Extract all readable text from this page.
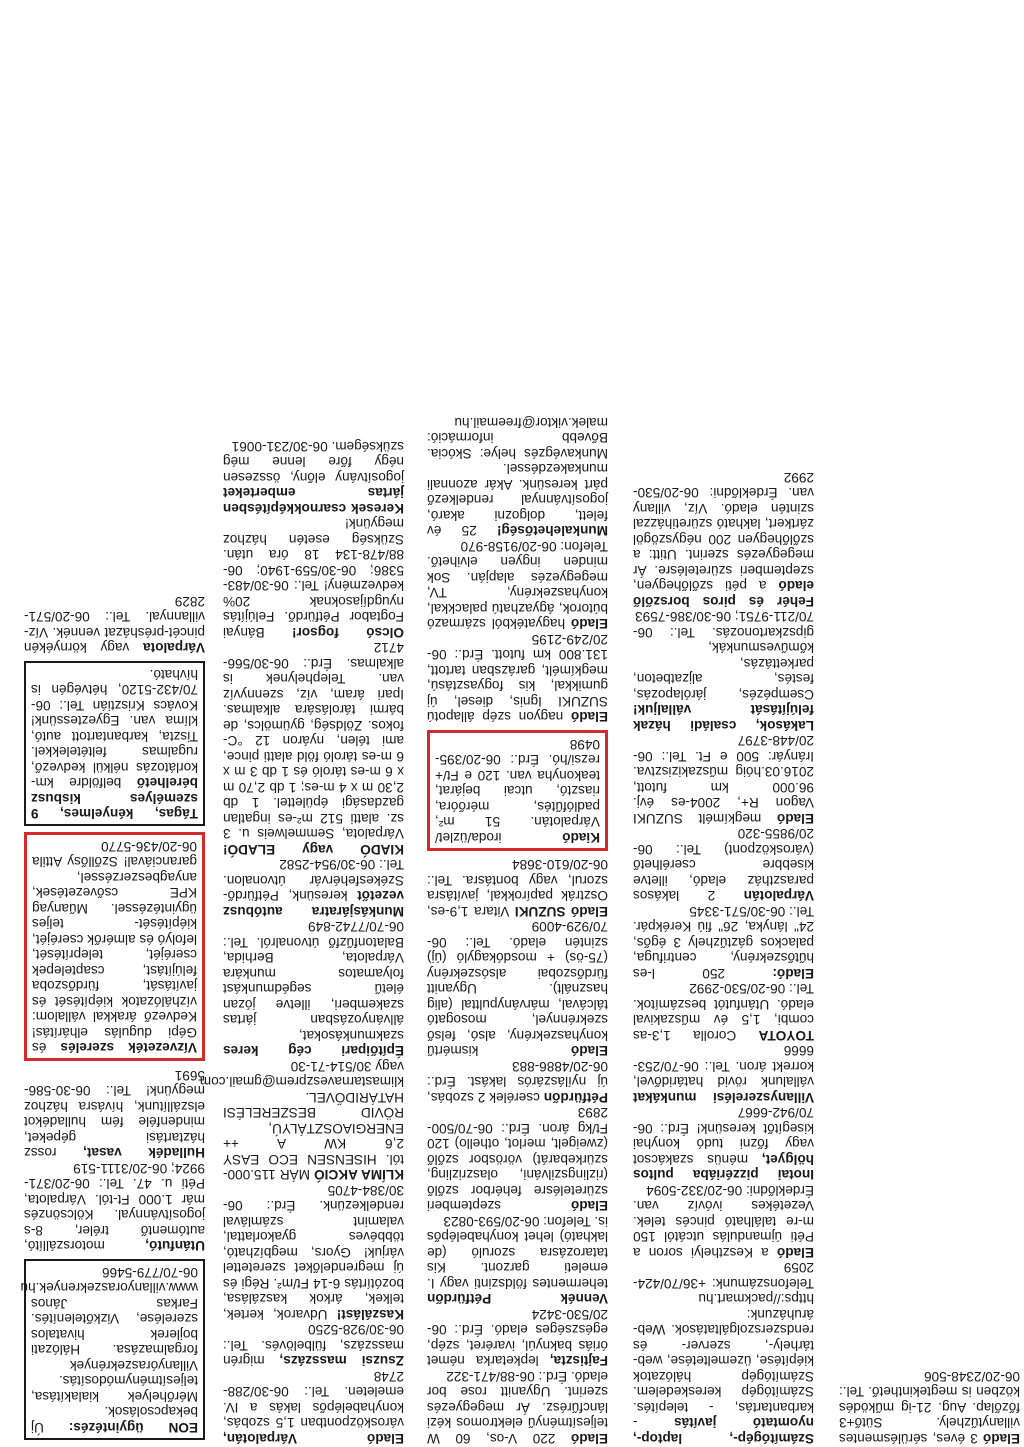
Eladó 3 éves, sérülésmentes villanytűzhely. Sütő+3 főzőlap. Aug. 21-ig működés közben is megtekinthető. Tel.: 06-20/2348-506

Számítógép-, laptop-, nyomtató javítás - karbantartás, - telepítés. Számítógép kereskedelem. Számítógép hálózatok kiépítése, üzemeltetése, web-tárhely-, szerver- és rendszerszolgáltatások. Web-áruházunk: https://packmart.hu Telefonszámunk: +36/70/424-2059

Eladó a Keszthelyi soron a Péti újmandulás utcától 150 m-re található pincés telek. Vezetékes ivóvíz van. Érdeklődni: 06-20/332-5094

Inotai pizzériába pultos hölgyet, ménüs szakácsot vagy főzni tudó konyhai kisegítőt keresünk! Érd.: 06-70/942-6667

Villanyszerelési munkákat vállalunk rövid határidővel, korrekt áron. Tel.: 06-70/253-6666

TOYOTA Corolla 1,3-as combi, 1,5 év műszakival eladó. Utánfutót beszámítok. Tel.: 06-20/530-2992

Eladó: 250 l-es hűtőszekrény, centrifuga, palackos gáztűzhely 3 égős, 24" lányka, 26" fiú Kerékpár. Tel.: 06-30/571-3345

Várpalotán 2 lakásos parasztház eladó, illetve kisebbre cserélhető (városközpont) Tel.: 06-20/9855-320

Eladó megkímélt SUZUKI Vagon R+, 2004-es évj. 96.000 km futott, 2016.03.hóig műszakizisztva. Irányár: 500 e Ft. Tel.: 06-20/448-3797

Lakások, családi házak felújítását vállaljuk! Csempézés, járólapozás, festés, aljzatbeton, parkettázás, kőművesmunkák, gipszkartonozás. Tel.: 06-70/211-9751; 06-30/386-7593

Fehér és piros borszőlő eladó a péti szőlőhegyen, szeptemberi szüretelésre. Ár megegyezés szerint. Utitt: a szőlőhegyen 200 négyszögöl zártkert, lakható szüretiházzal szintén eladó. Víz, villany van. Érdeklődni: 06-20/530-2992

Eladó 220 V-os, 60 W teljesítményű elektromos kézi láncfűrész. Ár megegyezés szerint. Ugyanitt rose bor eladó. Érd.: 06-88/471-322

Fajtiszta, lepketarka német óriás baknyúl, ivaréret, szép, egészséges eladó. Érd.: 06-20/530-3424

Vennék Pétfürdőn tehermentes földszinti vagy I. emeleti garzont. Kis tatarozásra szoruló (de lakható) lehet konyhabelépős is. Telefon: 06-20/593-0823

Eladó szeptemberi szüretelésre fehérbor szőlő (rizlingszilváni, olaszrizling, szürkebarát) vörösbor szőlő (zweigelt, merlot, othello) 120 Ft/kg áron. Érd.: 06-70/500-2893

Pétfürdőn cserélek 2 szobás, új nyílászárós lakást. Érd.: 06-20/4886-883

Eladó kismértű konyhaszekrény, alsó, felső szekrénnyel, mosogató tálcával, márványpulttal (alig használt). Ugyanitt fürdőszobai alsószekrény (75-ös) + mosdókagyló (új) szintén eladó. Tel.: 06-70/929-4009

Eladó SUZUKI Vitara 1,9-es, Osztrák papírokkal, javításra szorul, vagy bontásra. Tel.: 06-20/610-3684

Kiadó iroda/üzlet/ Várpalotán. 51 m², padlófűtés, mérőóra, riasztó, utcai bejárat, teakonyha van. 120 e Ft/+ rezsi/hó. Érd.: 06-20/395-0498

Eladó nagyon szép állapotú SUZUKI Ignis, diesel, új gumikkal, kis fogyasztású, megkímélt, garázsban tartott, 131.800 km futott. Érd.: 06-20/249-2195

Eladó hagyatékból származó bútorok, ágyazhatú palackkal, konyhaszekrény, TV, megegyezés alapján. Sok minden ingyen elvihető. Telefon: 06-20/9158-970

Munkalehetőség! 25 év felett, dolgozni akaró, jogosítvánnyal rendelkező párt keresünk. Akár azonnali munkakezdéssel. Munkavégzés helye: Skócia. Bővebb információ: malek.viktor@freemail.hu

Eladó Várpalotán, városközpontban 1,5 szobás, konyhabelépős lakás a IV. emeleten. Tel.: 06-30/288-2748

Zsuzsi masszázs, migrén masszázs, fülbelövés. Tel.: 06-30/928-5250

Kaszálást! Udvarok, kertek, telkek, árkok kaszálása, bozótírtás 6-14 Ft/m². Régi és új megrendelőket szeretettel várjuk! Gyors, megbízható, többéves gyakorlattal, valamint számlával rendelkezünk. Érd.: 06-30/384-4705

KLÍMA AKCIÓ MÁR 115.000-tól. HISENSEN ECO EASY 2,6 KW A ++ ENERGIAOSZTÁLYÚ, RÖVID BESZERELÉSI HATÁRIDŐVEL. klimastarnaveszprem@gmail.com vagy 30/514-71-30

Építőipari cég keres szakmunkásokat, állványozásban jártas szakemberi, illetve józan életű segédmunkást folyamatos munkára Várpalota, Berhida, Balatonfűzfő útvonalról. Tel.: 06-70/7742-849

Munkásjáratra autóbusz vezetőt keresünk, Pétfürdő-Székesfehérvár útvonalon. Tel.: 06-30/954-2582

KIADÓ vagy ELADÓ! Várpalota, Semmelweis u. 3 sz. alatti 512 m²-es ingatlan gazdasági épülettel. 1 db 2,30 m x 4 m-es; 1 db 2,70 m x 6 m-es tároló és 1 db 3 m x 6 m-es tároló föld alatti pince, ami télen, nyáron 12 °C-fokos. Zöldség, gyümölcs, de bármi tárolására alkalmas. Ipari áram, víz, szennyvíz van. Telephelynek is alkalmas. Érd.: 06-30/566-4712

Olcsó fogsor! Bányai Fogtabor Pétfürdő. Felújítás nyugdíjasoknak 20% kedvezmény! Tel.: 06-30/483-5386; 06-30/559-1940; 06-88/478-134 18 óra után. Szükség esetén házhoz megyünk!

Keresek csarnokképítésben jártas emberteket jogosítvány előny, összesen négy főre lenne még szükségem. 06-30/231-0061

EON ügyintézés: Új bekapcsolások. Mérőhelyek kialakítása, teljesítménymódosítás. Villanyóraszekrények forgalmazása. Hálózati bojlerek hivatalos szerelése, Vizkőtelenítés. Farkas János www.villanyoraszekrenyek.hu 06-70/779-5466

Utánfutó, motorszállító, autómentő tréler, 8-s jogosítvánnyal. Kölcsönzés már 1.000 Ft-tól. Várpalota, Péti u. 47. Tel.: 06-20/371-9924; 06-20/3111-519

Hulladék vasat, rossz háztartási gépeket, mindenféle fém hulladékot elszállítunk, hívásra házhoz megyünk! Tel.: 06-30-586-5691

Vízvezeték szerelés és Gépi dugulás elhárítás! Kedvező árakkal vállalom: vízhálózatok kiépítését és javítását, fürdőszoba felújítást, csaptelepek cseréjét, teleprítését, lefolyó és almérők cseréjét, kiépítését- teljes ügyintézéssel. Műanyag KPE csővezetések, anyagbeszerzéssel, garanciával! Szőllősy Attila 06-20/436-5770

Tágas, kényelmes, 9 személyes kisbusz bérelhető belföldre km-korlátozás nélkül kedvező, rugalmas feltételekkel. Tiszta, karbantartott autó, klíma van. Egyeztessünk! Kovács Krisztián Tel.: 06-70/432-5120, hétvégén is hívható.

Várpalota vagy környékén pincét-présházat vennék. Víz-villannyal. Tel.: 06-20/571-2829
